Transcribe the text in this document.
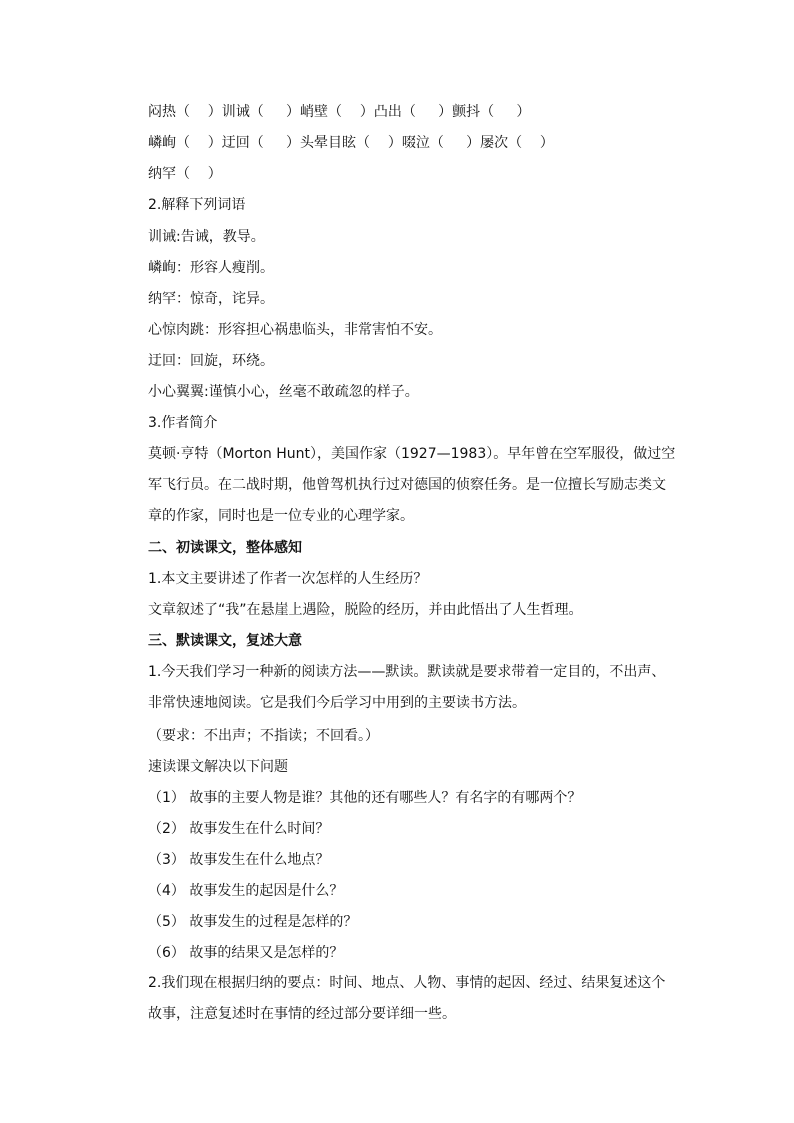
闷热（    ）训诫（     ）峭壁（    ）凸出（     ）颤抖（     ）
嶙峋（    ）迂回（     ）头晕目眩（    ）啜泣（     ）屡次（    ）
纳罕（    ）
2.解释下列词语
训诫:告诫，教导。
嶙峋：形容人瘦削。
纳罕：惊奇，诧异。
心惊肉跳：形容担心祸患临头，非常害怕不安。
迂回：回旋，环绕。
小心翼翼:谨慎小心，丝毫不敢疏忽的样子。
3.作者简介
莫顿·亨特（Morton Hunt），美国作家（1927—1983）。早年曾在空军服役，做过空军飞行员。在二战时期，他曾驾机执行过对德国的侦察任务。是一位擅长写励志类文章的作家，同时也是一位专业的心理学家。
二、初读课文，整体感知
1.本文主要讲述了作者一次怎样的人生经历？
文章叙述了“我”在悬崖上遇险，脱险的经历，并由此悟出了人生哲理。
三、默读课文，复述大意
1.今天我们学习一种新的阅读方法——默读。默读就是要求带着一定目的，不出声、非常快速地阅读。它是我们今后学习中用到的主要读书方法。
（要求：不出声；不指读；不回看。）
速读课文解决以下问题
（1） 故事的主要人物是谁？其他的还有哪些人？有名字的有哪两个？
（2） 故事发生在什么时间？
（3） 故事发生在什么地点？
（4） 故事发生的起因是什么？
（5） 故事发生的过程是怎样的？
（6） 故事的结果又是怎样的？
2.我们现在根据归纳的要点：时间、地点、人物、事情的起因、经过、结果复述这个故事，注意复述时在事情的经过部分要详细一些。
